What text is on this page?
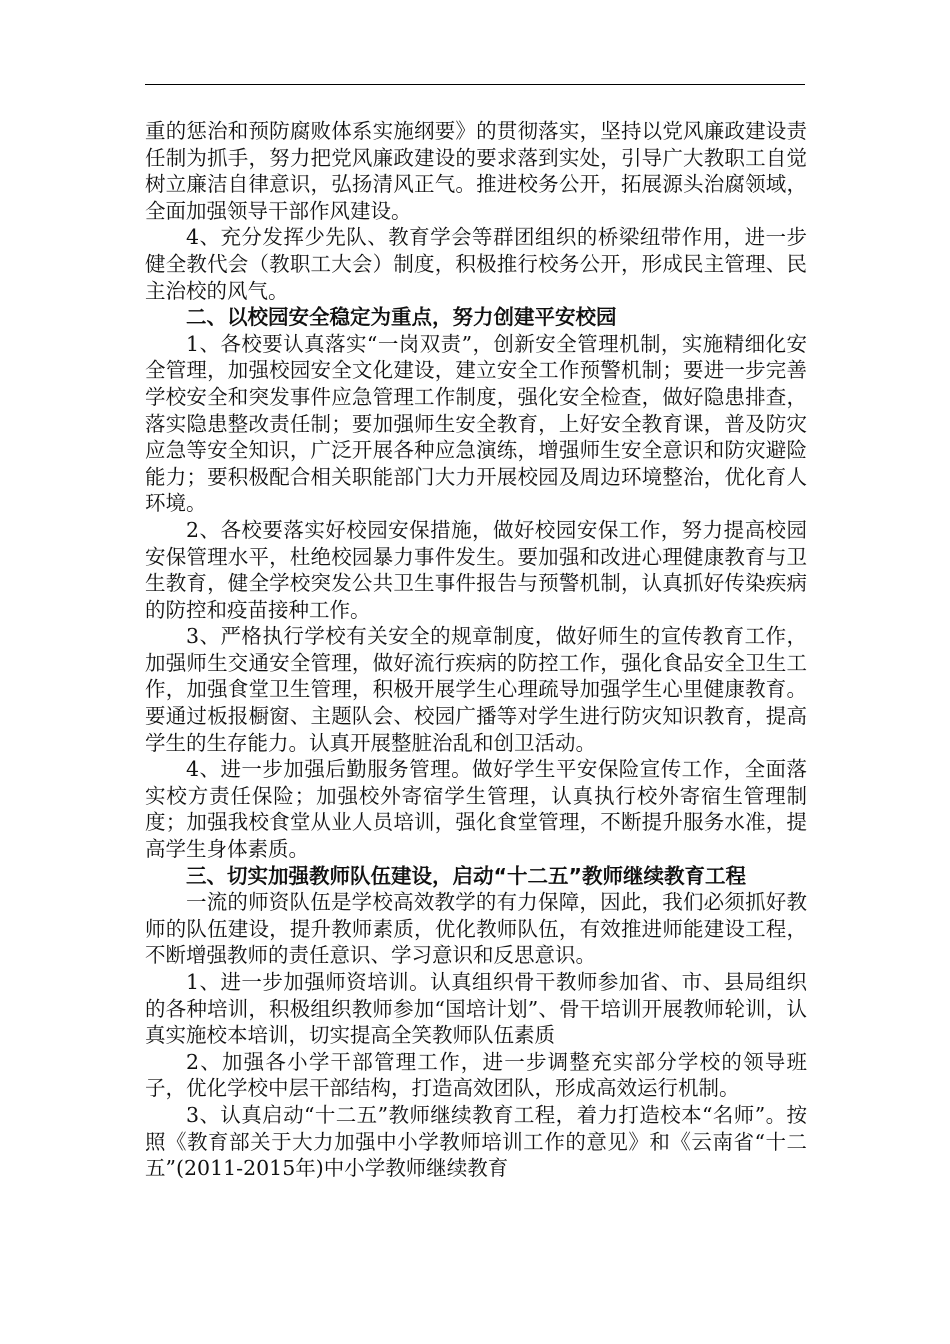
重的惩治和预防腐败体系实施纲要》的贯彻落实，坚持以党风廉政建设责任制为抓手，努力把党风廉政建设的要求落到实处，引导广大教职工自觉树立廉洁自律意识，弘扬清风正气。推进校务公开，拓展源头治腐领域，全面加强领导干部作风建设。

4、充分发挥少先队、教育学会等群团组织的桥梁纽带作用，进一步健全教代会（教职工大会）制度，积极推行校务公开，形成民主管理、民主治校的风气。

二、以校园安全稳定为重点，努力创建平安校园

1、各校要认真落实“一岗双责”，创新安全管理机制，实施精细化安全管理，加强校园安全文化建设，建立安全工作预警机制；要进一步完善学校安全和突发事件应急管理工作制度，强化安全检查，做好隐患排查，落实隐患整改责任制；要加强师生安全教育，上好安全教育课，普及防灾应急等安全知识，广泛开展各种应急演练，增强师生安全意识和防灾避险能力；要积极配合相关职能部门大力开展校园及周边环境整治，优化育人环境。

2、各校要落实好校园安保措施，做好校园安保工作，努力提高校园安保管理水平，杜绝校园暴力事件发生。要加强和改进心理健康教育与卫生教育，健全学校突发公共卫生事件报告与预警机制，认真抓好传染疾病的防控和疫苗接种工作。

3、严格执行学校有关安全的规章制度，做好师生的宣传教育工作，加强师生交通安全管理，做好流行疾病的防控工作，强化食品安全卫生工作，加强食堂卫生管理，积极开展学生心理疏导加强学生心里健康教育。要通过板报橱窗、主题队会、校园广播等对学生进行防灾知识教育，提高学生的生存能力。认真开展整脏治乱和创卫活动。

4、进一步加强后勤服务管理。做好学生平安保险宣传工作，全面落实校方责任保险；加强校外寄宿学生管理，认真执行校外寄宿生管理制度；加强我校食堂从业人员培训，强化食堂管理，不断提升服务水准，提高学生身体素质。

三、切实加强教师队伍建设，启动“十二五”教师继续教育工程

一流的师资队伍是学校高效教学的有力保障，因此，我们必须抓好教师的队伍建设，提升教师素质，优化教师队伍，有效推进师能建设工程，不断增强教师的责任意识、学习意识和反思意识。

1、进一步加强师资培训。认真组织骨干教师参加省、市、县局组织的各种培训，积极组织教师参加“国培计划”、骨干培训开展教师轮训，认真实施校本培训，切实提高全笑教师队伍素质

2、加强各小学干部管理工作，进一步调整充实部分学校的领导班子，优化学校中层干部结构，打造高效团队，形成高效运行机制。

3、认真启动“十二五”教师继续教育工程，着力打造校本“名师”。按照《教育部关于大力加强中小学教师培训工作的意见》和《云南省“十二五”(2011-2015年)中小学教师继续教育
